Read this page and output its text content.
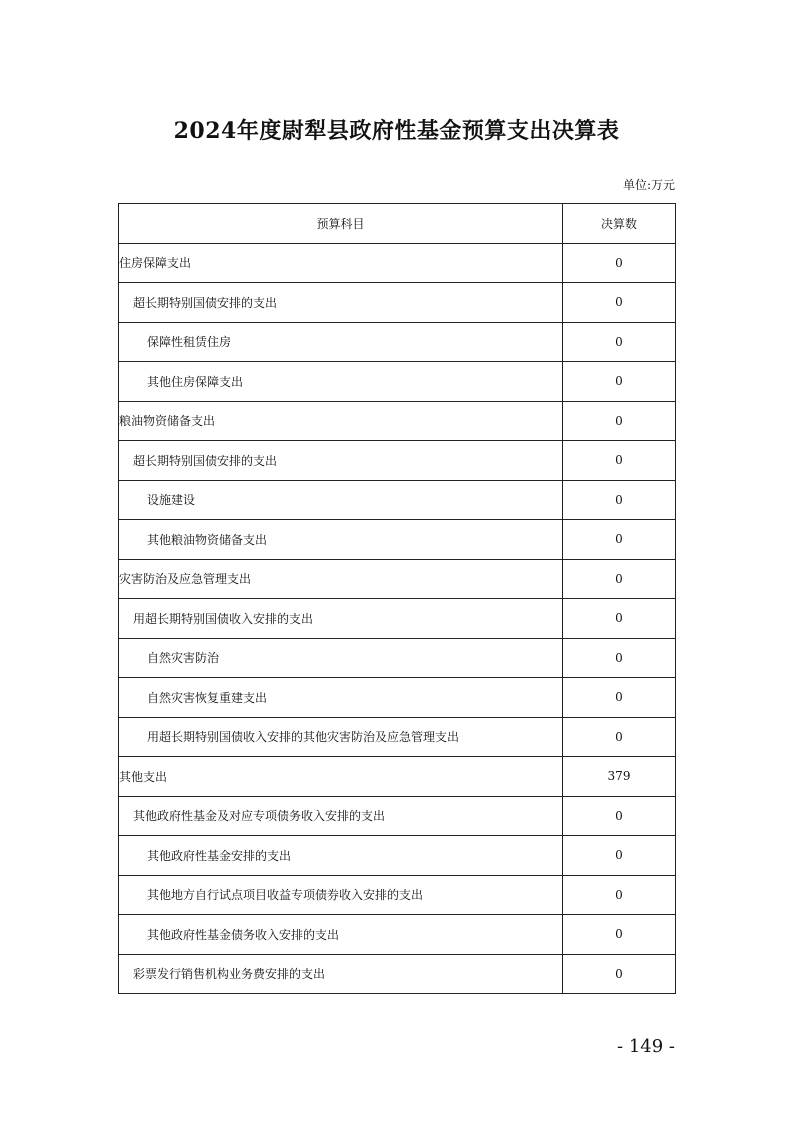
2024年度尉犁县政府性基金预算支出决算表
单位:万元
预算科目	决算数
住房保障支出	0
超长期特别国债安排的支出	0
保障性租赁住房	0
其他住房保障支出	0
粮油物资储备支出	0
超长期特别国债安排的支出	0
设施建设	0
其他粮油物资储备支出	0
灾害防治及应急管理支出	0
用超长期特别国债收入安排的支出	0
自然灾害防治	0
自然灾害恢复重建支出	0
用超长期特别国债收入安排的其他灾害防治及应急管理支出	0
其他支出	379
其他政府性基金及对应专项债务收入安排的支出	0
其他政府性基金安排的支出	0
其他地方自行试点项目收益专项债券收入安排的支出	0
其他政府性基金债务收入安排的支出	0
彩票发行销售机构业务费安排的支出	0
- 149 -
